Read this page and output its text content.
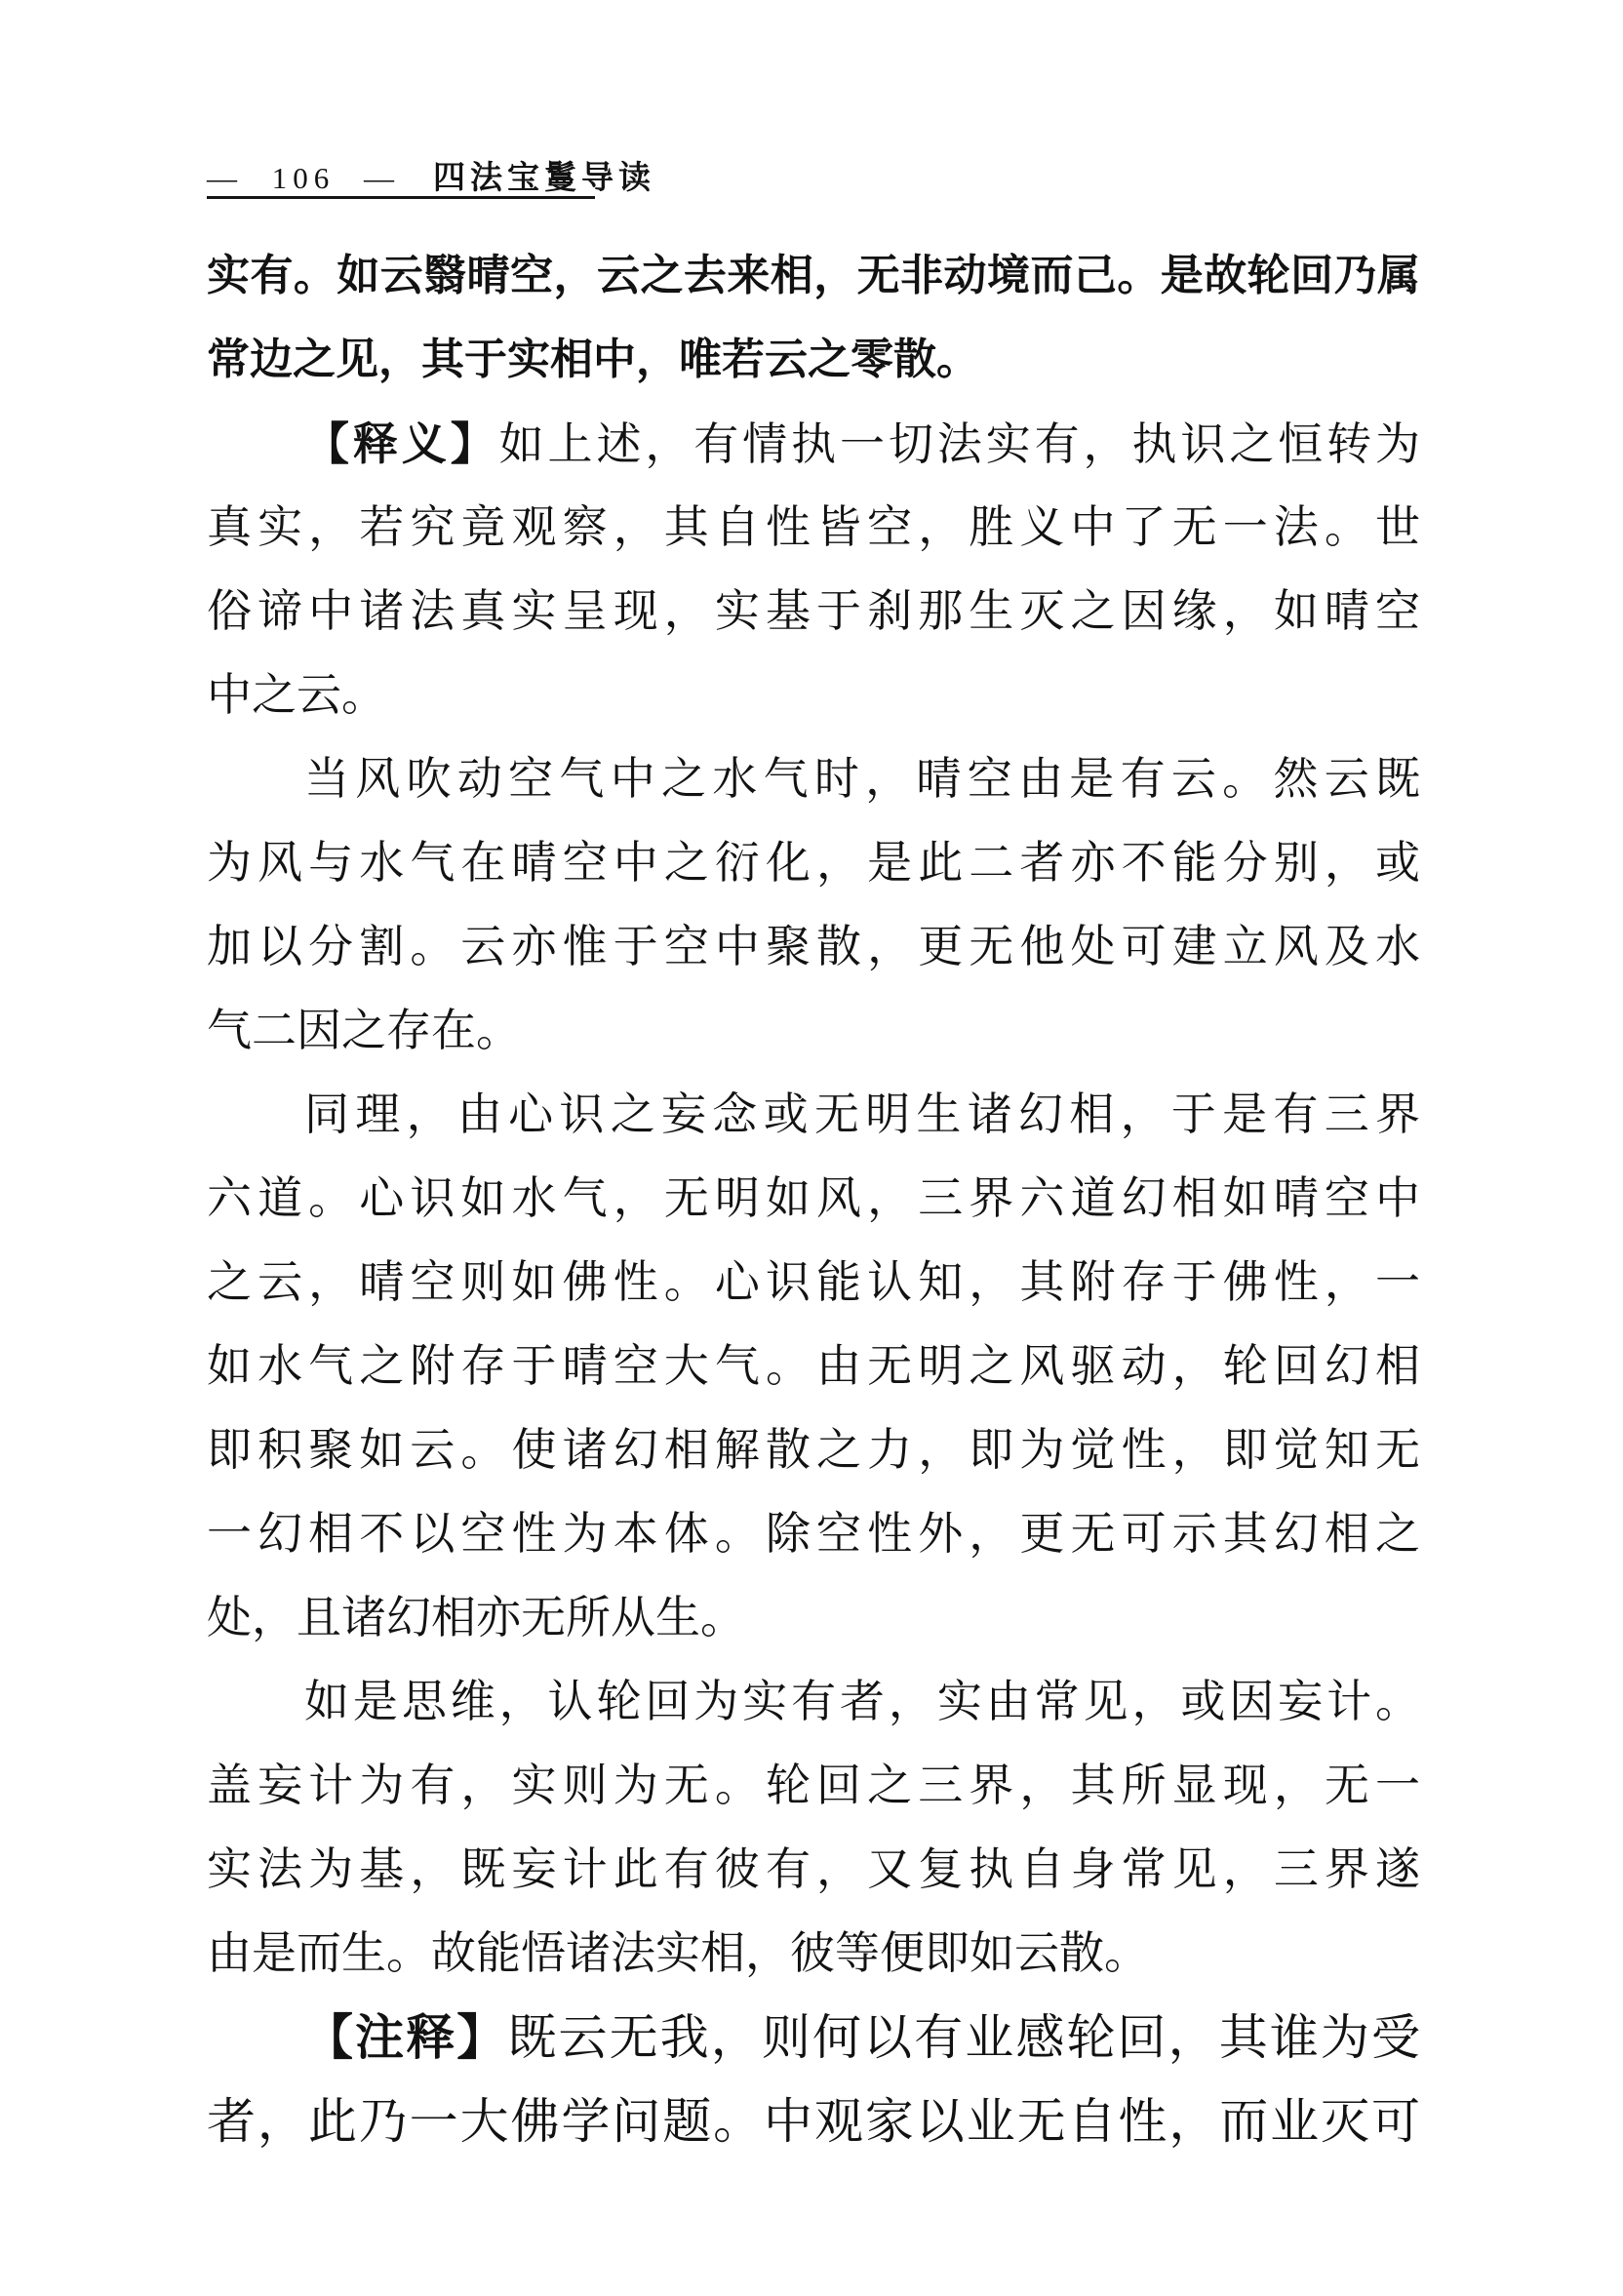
— 106 — 四法宝鬘导读
实有。如云翳晴空，云之去来相，无非动境而己。是故轮回乃属
常边之见，其于实相中，唯若云之零散。
【释义】如上述，有情执一切法实有，执识之恒转为
真实，若究竟观察，其自性皆空，胜义中了无一法。世
俗谛中诸法真实呈现，实基于刹那生灭之因缘，如晴空
中之云。
当风吹动空气中之水气时，晴空由是有云。然云既
为风与水气在晴空中之衍化，是此二者亦不能分别，或
加以分割。云亦惟于空中聚散，更无他处可建立风及水
气二因之存在。
同理，由心识之妄念或无明生诸幻相，于是有三界
六道。心识如水气，无明如风，三界六道幻相如晴空中
之云，晴空则如佛性。心识能认知，其附存于佛性，一
如水气之附存于晴空大气。由无明之风驱动，轮回幻相
即积聚如云。使诸幻相解散之力，即为觉性，即觉知无
一幻相不以空性为本体。除空性外，更无可示其幻相之
处，且诸幻相亦无所从生。
如是思维，认轮回为实有者，实由常见，或因妄计。
盖妄计为有，实则为无。轮回之三界，其所显现，无一
实法为基，既妄计此有彼有，又复执自身常见，三界遂
由是而生。故能悟诸法实相，彼等便即如云散。
【注释】既云无我，则何以有业感轮回，其谁为受
者，此乃一大佛学问题。中观家以业无自性，而业灭可
